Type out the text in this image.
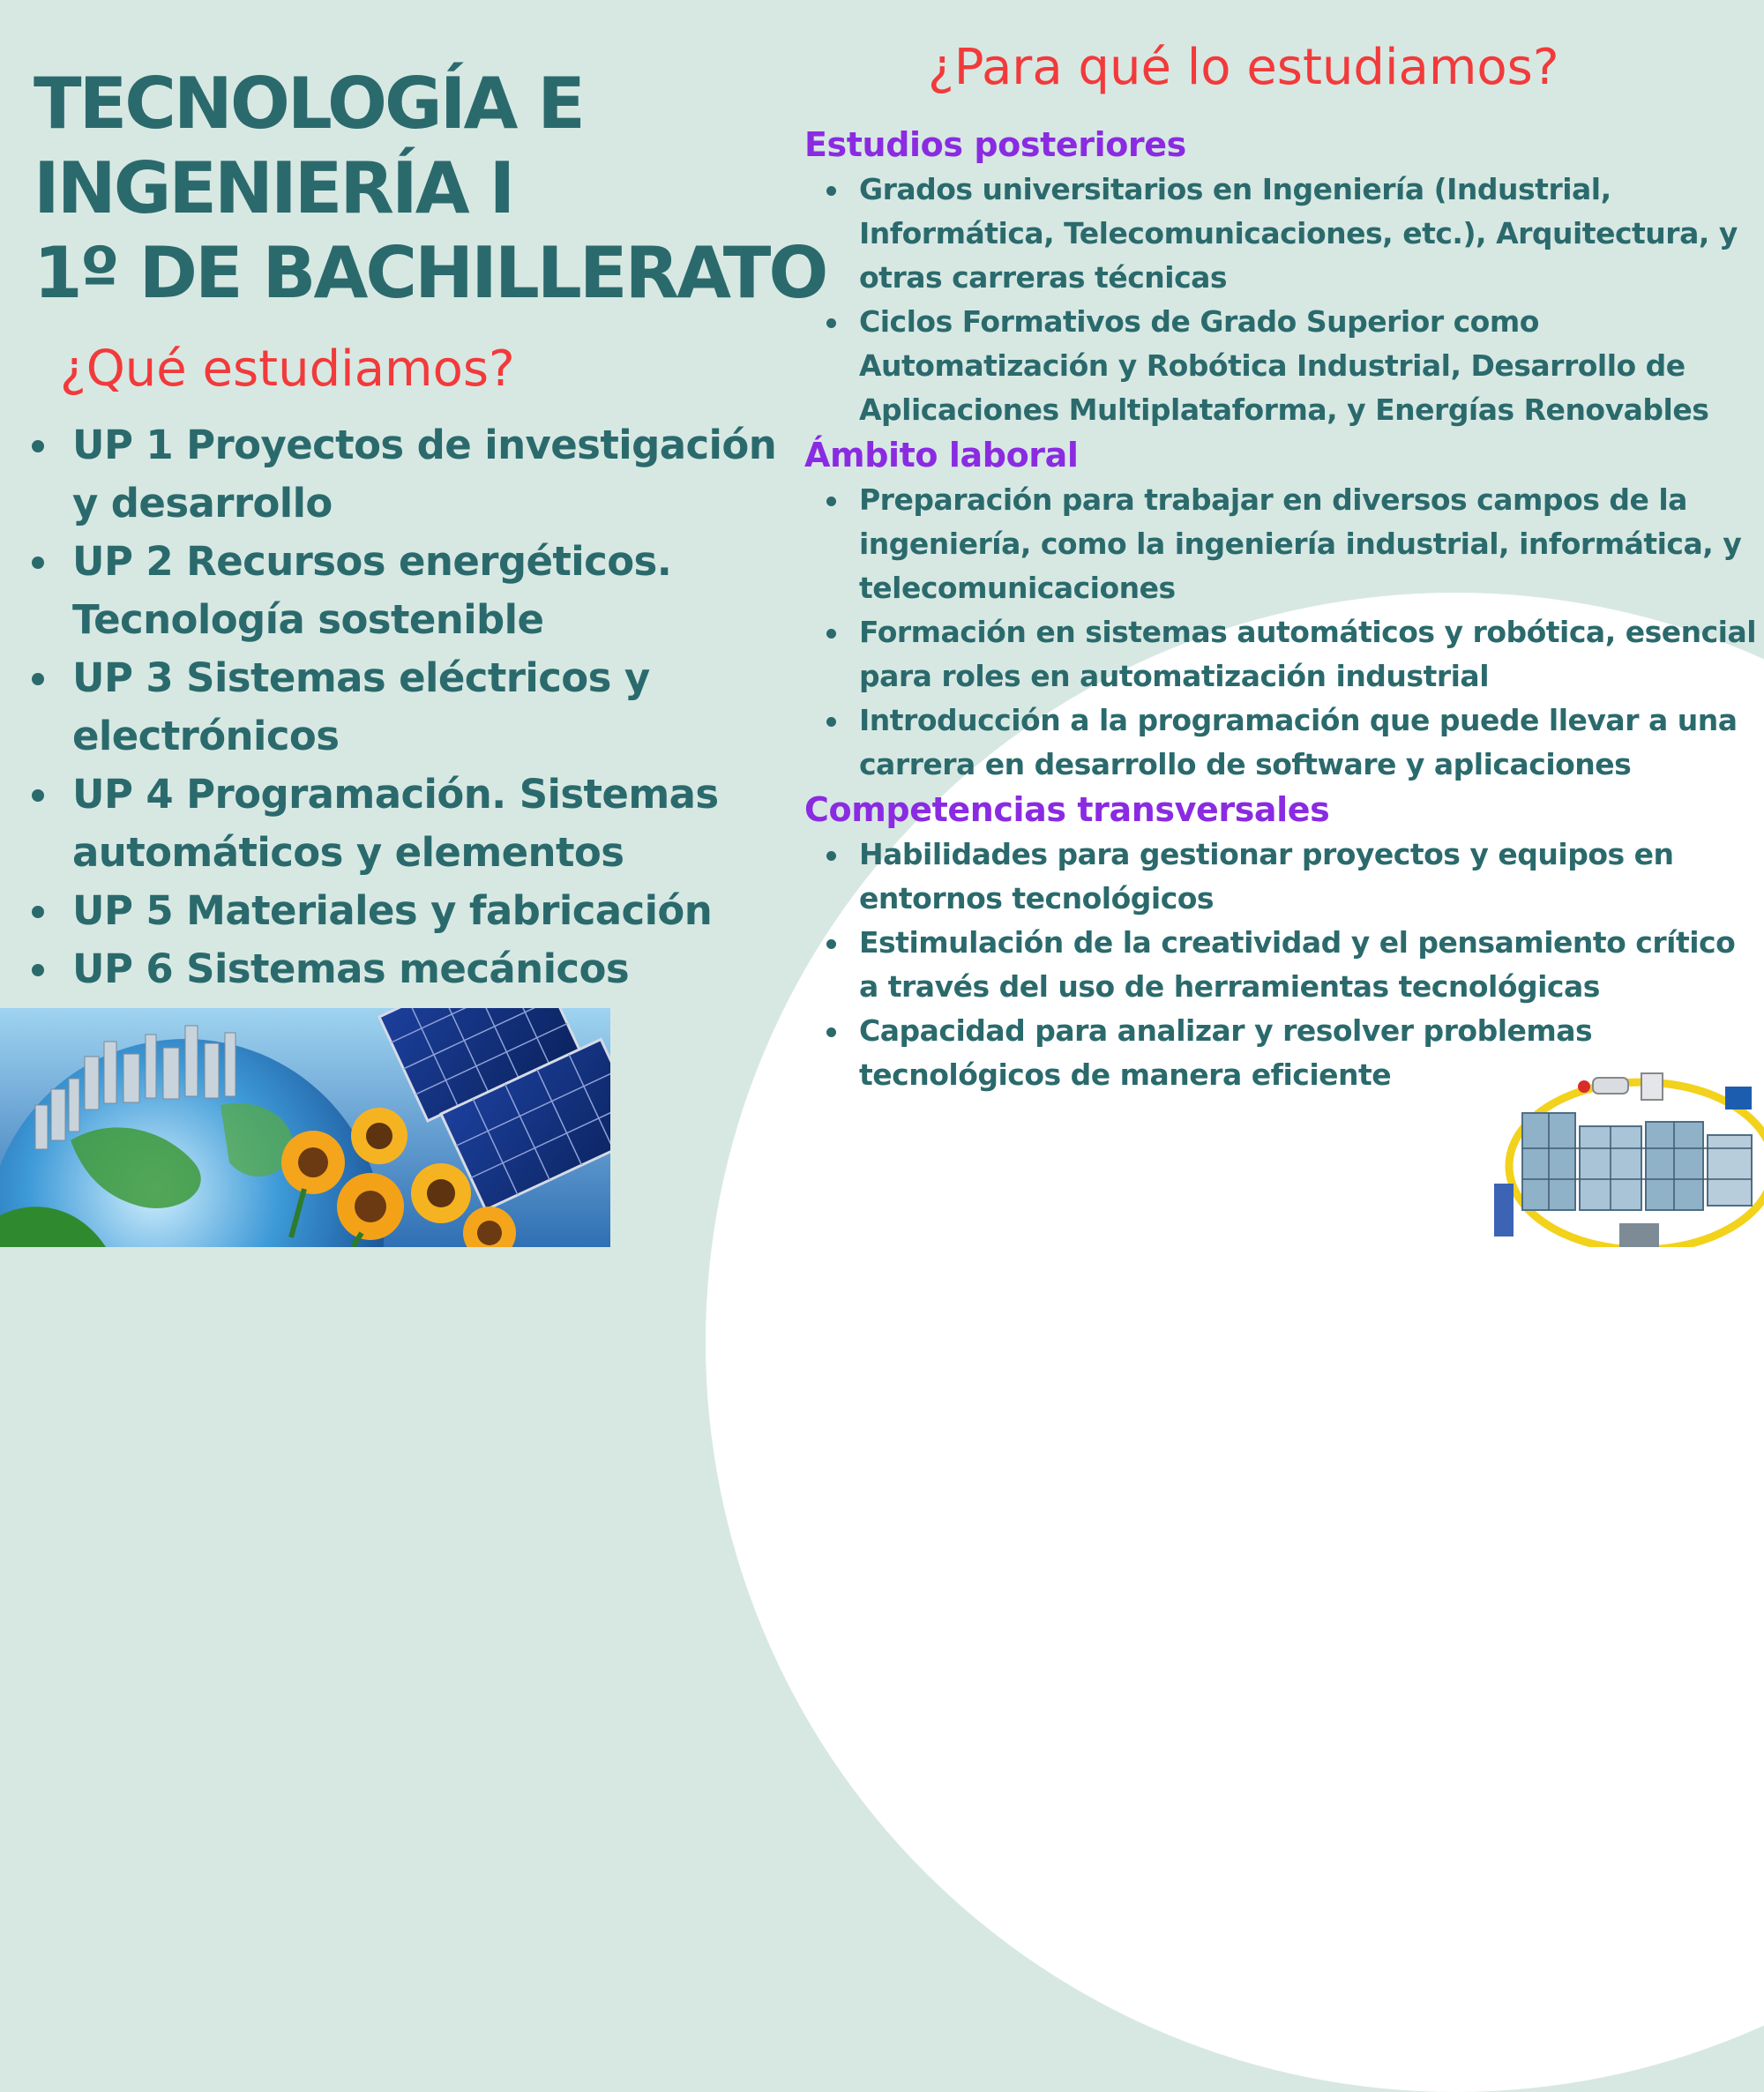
TECNOLOGÍA E
INGENIERÍA I
1º DE BACHILLERATO
¿Qué estudiamos?
UP 1 Proyectos de investigación y desarrollo
UP 2 Recursos energéticos. Tecnología sostenible
UP 3 Sistemas eléctricos y electrónicos
UP 4 Programación. Sistemas automáticos y elementos
UP 5 Materiales y fabricación
UP 6 Sistemas mecánicos
¿Para qué lo estudiamos?
Estudios posteriores
Grados universitarios en Ingeniería (Industrial, Informática, Telecomunicaciones, etc.), Arquitectura, y otras carreras técnicas
Ciclos Formativos de Grado Superior como Automatización y Robótica Industrial, Desarrollo de Aplicaciones Multiplataforma, y Energías Renovables
Ámbito laboral
Preparación para trabajar en diversos campos de la ingeniería, como la ingeniería industrial, informática, y telecomunicaciones
Formación en sistemas automáticos y robótica, esencial para roles en automatización industrial
Introducción a la programación que puede llevar a una carrera en desarrollo de software y aplicaciones
Competencias transversales
Habilidades para gestionar proyectos y equipos en entornos tecnológicos
Estimulación de la creatividad y el pensamiento crítico a través del uso de herramientas tecnológicas
Capacidad para analizar y resolver problemas tecnológicos de manera eficiente
